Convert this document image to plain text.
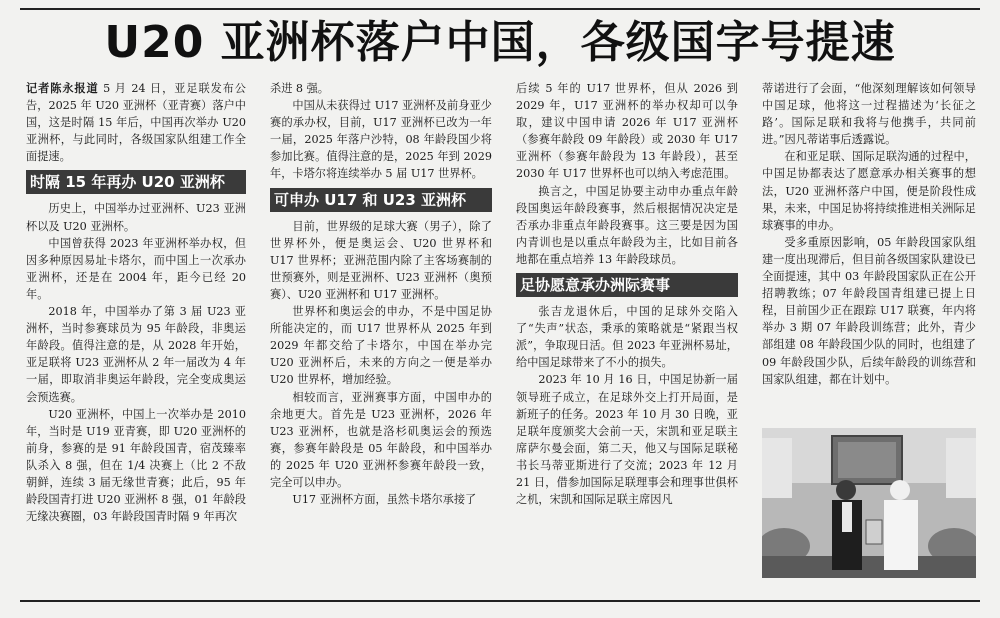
U20 亚洲杯落户中国，各级国字号提速

记者陈永报道 5 月 24 日，亚足联发布公告，2025 年 U20 亚洲杯（亚青赛）落户中国，这是时隔 15 年后，中国再次举办 U20 亚洲杯，与此同时，各级国家队组建工作全面提速。

时隔 15 年再办 U20 亚洲杯

历史上，中国举办过亚洲杯、U23 亚洲杯以及 U20 亚洲杯。

中国曾获得 2023 年亚洲杯举办权，但因多种原因易址卡塔尔，而中国上一次承办亚洲杯，还是在 2004 年，距今已经 20 年。

2018 年，中国举办了第 3 届 U23 亚洲杯，当时参赛球员为 95 年龄段，非奥运年龄段。值得注意的是，从 2028 年开始，亚足联将 U23 亚洲杯从 2 年一届改为 4 年一届，即取消非奥运年龄段，完全变成奥运会预选赛。

U20 亚洲杯，中国上一次举办是 2010 年，当时是 U19 亚青赛，即 U20 亚洲杯的前身，参赛的是 91 年龄段国青，宿茂臻率队杀入 8 强，但在 1/4 决赛上（比 2 不敌朝鲜，连续 3 届无缘世青赛；此后，95 年龄段国青打进 U20 亚洲杯 8 强，01 年龄段无缘决赛圈，03 年龄段国青时隔 9 年再次

杀进 8 强。

中国从未获得过 U17 亚洲杯及前身亚少赛的承办权，目前，U17 亚洲杯已改为一年一届，2025 年落户沙特，08 年龄段国少将参加比赛。值得注意的是，2025 年到 2029 年，卡塔尔将连续举办 5 届 U17 世界杯。

可申办 U17 和 U23 亚洲杯

目前，世界级的足球大赛（男子），除了世界杯外，便是奥运会、U20 世界杯和 U17 世界杯；亚洲范围内除了主客场赛制的世预赛外，则是亚洲杯、U23 亚洲杯（奥预赛）、U20 亚洲杯和 U17 亚洲杯。

世界杯和奥运会的申办，不是中国足协所能决定的，而 U17 世界杯从 2025 年到 2029 年都交给了卡塔尔，中国在举办完 U20 亚洲杯后，未来的方向之一便是举办 U20 世界杯，增加经验。

相较而言，亚洲赛事方面，中国申办的余地更大。首先是 U23 亚洲杯，2026 年 U23 亚洲杯，也就是洛杉矶奥运会的预选赛，参赛年龄段是 05 年龄段，和中国举办的 2025 年 U20 亚洲杯参赛年龄段一致，完全可以申办。

U17 亚洲杯方面，虽然卡塔尔承接了

后续 5 年的 U17 世界杯，但从 2026 到 2029 年，U17 亚洲杯的举办权却可以争取，建议中国申请 2026 年 U17 亚洲杯（参赛年龄段 09 年龄段）或 2030 年 U17 亚洲杯（参赛年龄段为 13 年龄段），甚至 2030 年 U17 世界杯也可以纳入考虑范围。

换言之，中国足协要主动申办重点年龄段国奥运年龄段赛事，然后根据情况决定是否承办非重点年龄段赛事。这三要是因为国内青训也是以重点年龄段为主，比如目前各地都在重点培养 13 年龄段球员。

足协愿意承办洲际赛事

张吉龙退休后，中国的足球外交陷入了“失声”状态，秉承的策略就是“紧跟当权派”，争取现日活。但 2023 年亚洲杯易址，给中国足球带来了不小的损失。

2023 年 10 月 16 日，中国足协新一届领导班子成立，在足球外交上打开局面，是新班子的任务。2023 年 10 月 30 日晚，亚足联年度颁奖大会前一天，宋凯和亚足联主席萨尔曼会面，第二天，他又与国际足联秘书长马蒂亚斯进行了交流；2023 年 12 月 21 日，借参加国际足联理事会和理事世俱杯之机，宋凯和国际足联主席因凡

蒂诺进行了会面，“他深刻理解该如何领导中国足球，他将这一过程描述为‘长征之路’。国际足联和我将与他携手，共同前进。”因凡蒂诺事后透露说。

在和亚足联、国际足联沟通的过程中，中国足协都表达了愿意承办相关赛事的想法，U20 亚洲杯落户中国，便是阶段性成果，未来，中国足协将持续推进相关洲际足球赛事的申办。

受多重原因影响，05 年龄段国家队组建一度出现滞后，但目前各级国家队建设已全面提速，其中 03 年龄段国家队正在公开招聘教练；07 年龄段国青组建已提上日程，目前国少正在跟踪 U17 联赛，年内将举办 3 期 07 年龄段训练营；此外，青少部组建 08 年龄段国少队的同时，也组建了 09 年龄段国少队，后续年龄段的训练营和国家队组建，都在计划中。
